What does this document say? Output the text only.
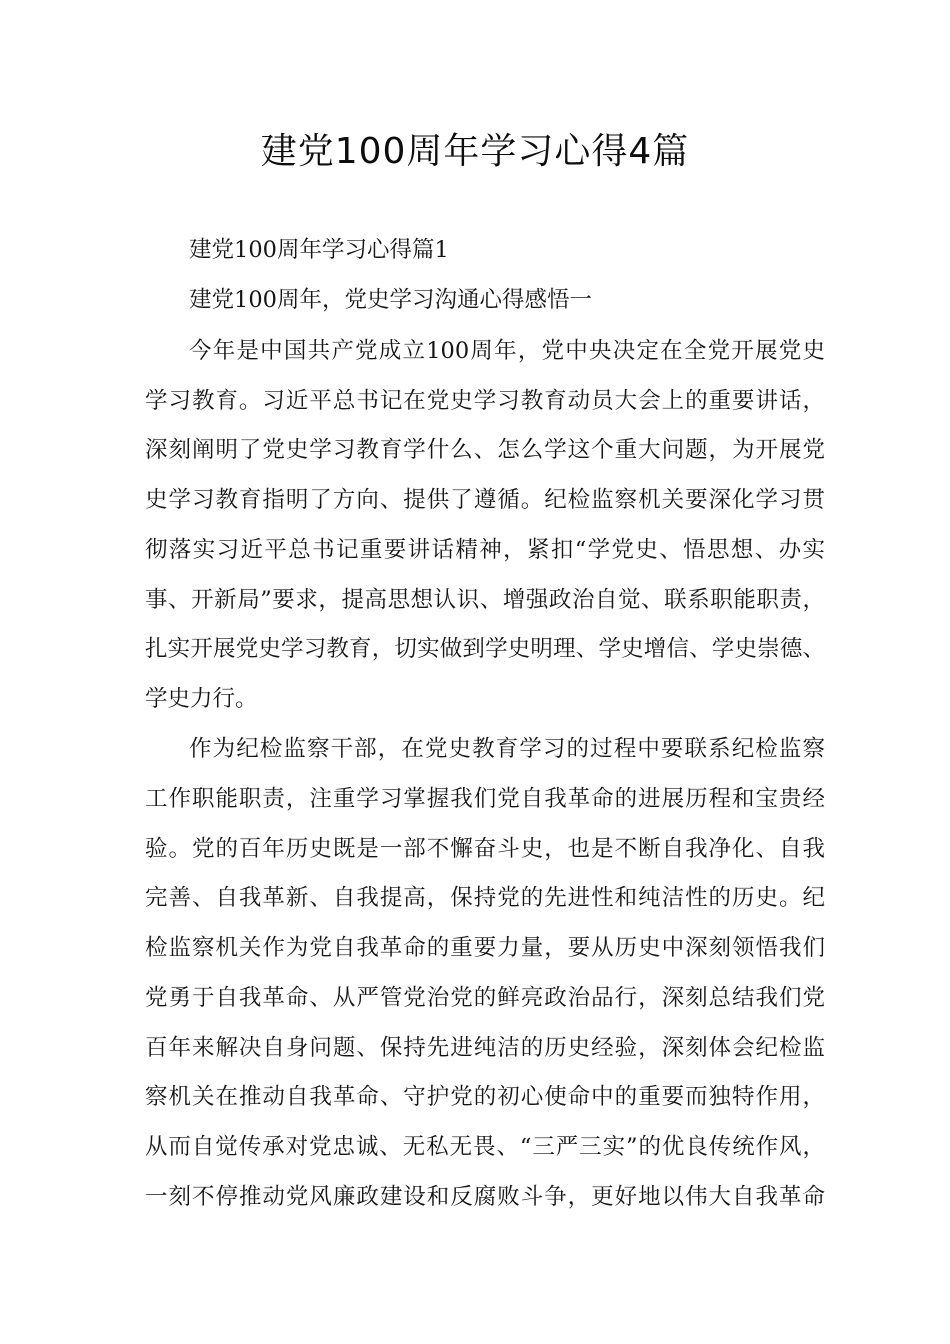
建党100周年学习心得4篇
建党100周年学习心得篇1
建党100周年，党史学习沟通心得感悟一
今年是中国共产党成立100周年，党中央决定在全党开展党史
学习教育。习近平总书记在党史学习教育动员大会上的重要讲话，
深刻阐明了党史学习教育学什么、怎么学这个重大问题，为开展党
史学习教育指明了方向、提供了遵循。纪检监察机关要深化学习贯
彻落实习近平总书记重要讲话精神，紧扣“学党史、悟思想、办实
事、开新局”要求，提高思想认识、增强政治自觉、联系职能职责，
扎实开展党史学习教育，切实做到学史明理、学史增信、学史崇德、
学史力行。
作为纪检监察干部，在党史教育学习的过程中要联系纪检监察
工作职能职责，注重学习掌握我们党自我革命的进展历程和宝贵经
验。党的百年历史既是一部不懈奋斗史，也是不断自我净化、自我
完善、自我革新、自我提高，保持党的先进性和纯洁性的历史。纪
检监察机关作为党自我革命的重要力量，要从历史中深刻领悟我们
党勇于自我革命、从严管党治党的鲜亮政治品行，深刻总结我们党
百年来解决自身问题、保持先进纯洁的历史经验，深刻体会纪检监
察机关在推动自我革命、守护党的初心使命中的重要而独特作用，
从而自觉传承对党忠诚、无私无畏、“三严三实”的优良传统作风，
一刻不停推动党风廉政建设和反腐败斗争，更好地以伟大自我革命
